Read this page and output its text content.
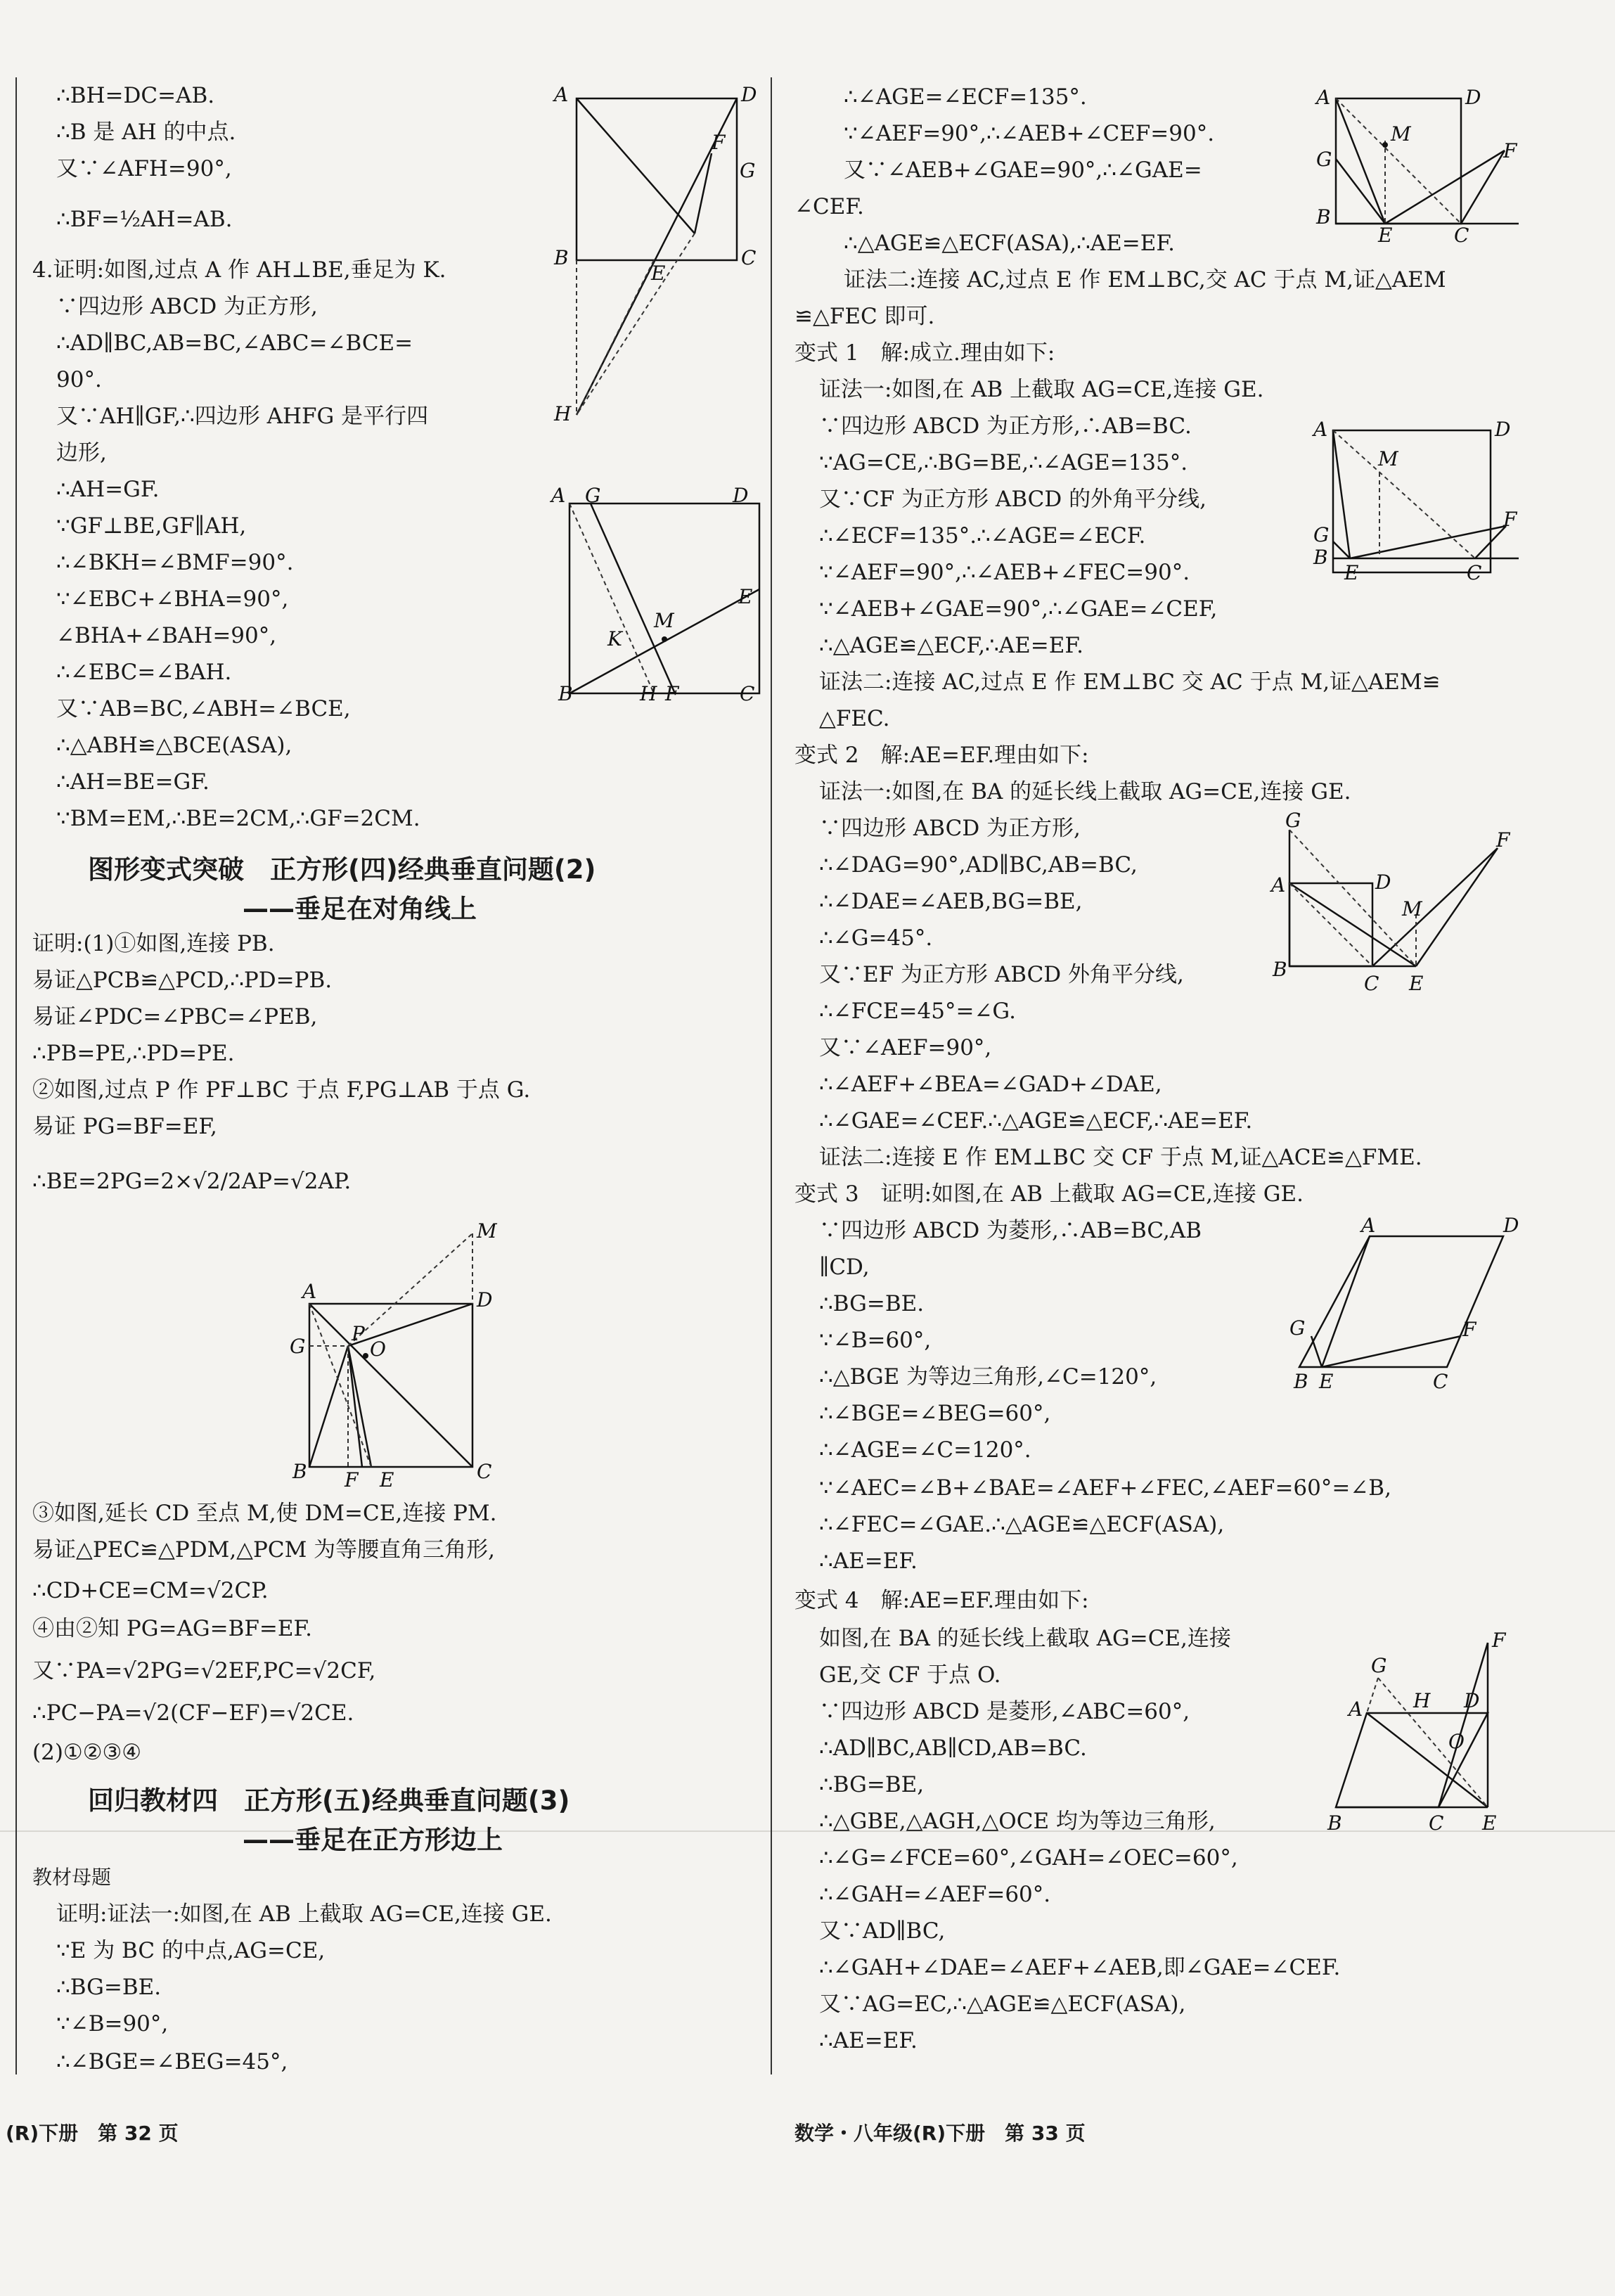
∴BH=DC=AB.
∴B 是 AH 的中点.
又∵∠AFH=90°,
∴BF=½AH=AB.
4.证明:如图,过点 A 作 AH⊥BE,垂足为 K.
∵四边形 ABCD 为正方形,
∴AD∥BC,AB=BC,∠ABC=∠BCE=
90°.
又∵AH∥GF,∴四边形 AHFG 是平行四
边形,
∴AH=GF.
∵GF⊥BE,GF∥AH,
∴∠BKH=∠BMF=90°.
∵∠EBC+∠BHA=90°,
∠BHA+∠BAH=90°,
∴∠EBC=∠BAH.
又∵AB=BC,∠ABH=∠BCE,
∴△ABH≌△BCE(ASA),
∴AH=BE=GF.
∵BM=EM,∴BE=2CM,∴GF=2CM.
图形变式突破　正方形(四)经典垂直问题(2)
——垂足在对角线上
证明:(1)①如图,连接 PB.
易证△PCB≌△PCD,∴PD=PB.
易证∠PDC=∠PBC=∠PEB,
∴PB=PE,∴PD=PE.
②如图,过点 P 作 PF⊥BC 于点 F,PG⊥AB 于点 G.
易证 PG=BF=EF,
∴BE=2PG=2×√2/2AP=√2AP.
③如图,延长 CD 至点 M,使 DM=CE,连接 PM.
易证△PEC≌△PDM,△PCM 为等腰直角三角形,
∴CD+CE=CM=√2CP.
④由②知 PG=AG=BF=EF.
又∵PA=√2PG=√2EF,PC=√2CF,
∴PC−PA=√2(CF−EF)=√2CE.
(2)①②③④
回归教材四　正方形(五)经典垂直问题(3)
——垂足在正方形边上
教材母题
证明:证法一:如图,在 AB 上截取 AG=CE,连接 GE.
∵E 为 BC 的中点,AG=CE,
∴BG=BE.
∵∠B=90°,
∴∠BGE=∠BEG=45°,
(R)下册　第 32 页
∴∠AGE=∠ECF=135°.
∵∠AEF=90°,∴∠AEB+∠CEF=90°.
又∵∠AEB+∠GAE=90°,∴∠GAE=
∠CEF.
∴△AGE≌△ECF(ASA),∴AE=EF.
证法二:连接 AC,过点 E 作 EM⊥BC,交 AC 于点 M,证△AEM
≌△FEC 即可.
变式 1　解:成立.理由如下:
证法一:如图,在 AB 上截取 AG=CE,连接 GE.
∵四边形 ABCD 为正方形,∴AB=BC.
∵AG=CE,∴BG=BE,∴∠AGE=135°.
又∵CF 为正方形 ABCD 的外角平分线,
∴∠ECF=135°.∴∠AGE=∠ECF.
∵∠AEF=90°,∴∠AEB+∠FEC=90°.
∵∠AEB+∠GAE=90°,∴∠GAE=∠CEF,
∴△AGE≌△ECF,∴AE=EF.
证法二:连接 AC,过点 E 作 EM⊥BC 交 AC 于点 M,证△AEM≌
△FEC.
变式 2　解:AE=EF.理由如下:
证法一:如图,在 BA 的延长线上截取 AG=CE,连接 GE.
∵四边形 ABCD 为正方形,
∴∠DAG=90°,AD∥BC,AB=BC,
∴∠DAE=∠AEB,BG=BE,
∴∠G=45°.
又∵EF 为正方形 ABCD 外角平分线,
∴∠FCE=45°=∠G.
又∵∠AEF=90°,
∴∠AEF+∠BEA=∠GAD+∠DAE,
∴∠GAE=∠CEF.∴△AGE≌△ECF,∴AE=EF.
证法二:连接 E 作 EM⊥BC 交 CF 于点 M,证△ACE≌△FME.
变式 3　证明:如图,在 AB 上截取 AG=CE,连接 GE.
∵四边形 ABCD 为菱形,∴AB=BC,AB
∥CD,
∴BG=BE.
∵∠B=60°,
∴△BGE 为等边三角形,∠C=120°,
∴∠BGE=∠BEG=60°,
∴∠AGE=∠C=120°.
∵∠AEC=∠B+∠BAE=∠AEF+∠FEC,∠AEF=60°=∠B,
∴∠FEC=∠GAE.∴△AGE≌△ECF(ASA),
∴AE=EF.
变式 4　解:AE=EF.理由如下:
如图,在 BA 的延长线上截取 AG=CE,连接
GE,交 CF 于点 O.
∵四边形 ABCD 是菱形,∠ABC=60°,
∴AD∥BC,AB∥CD,AB=BC.
∴BG=BE,
∴△GBE,△AGH,△OCE 均为等边三角形,
∴∠G=∠FCE=60°,∠GAH=∠OEC=60°,
∴∠GAH=∠AEF=60°.
又∵AD∥BC,
∴∠GAH+∠DAE=∠AEF+∠AEB,即∠GAE=∠CEF.
又∵AG=EC,∴△AGE≌△ECF(ASA),
∴AE=EF.
数学・八年级(R)下册　第 33 页
A	D
F
G
B
E
C
H
A G	D
E
M
K
B	H F	C
M
A	D
G
P
O
B F E	C
A	D
M
G	F
B
E	C
A	D
M
G
F
B
E	C
G
F
A	D
M
B
C E
A	D
G	F
B E	C
F
G
H D
A
O
B	C E
